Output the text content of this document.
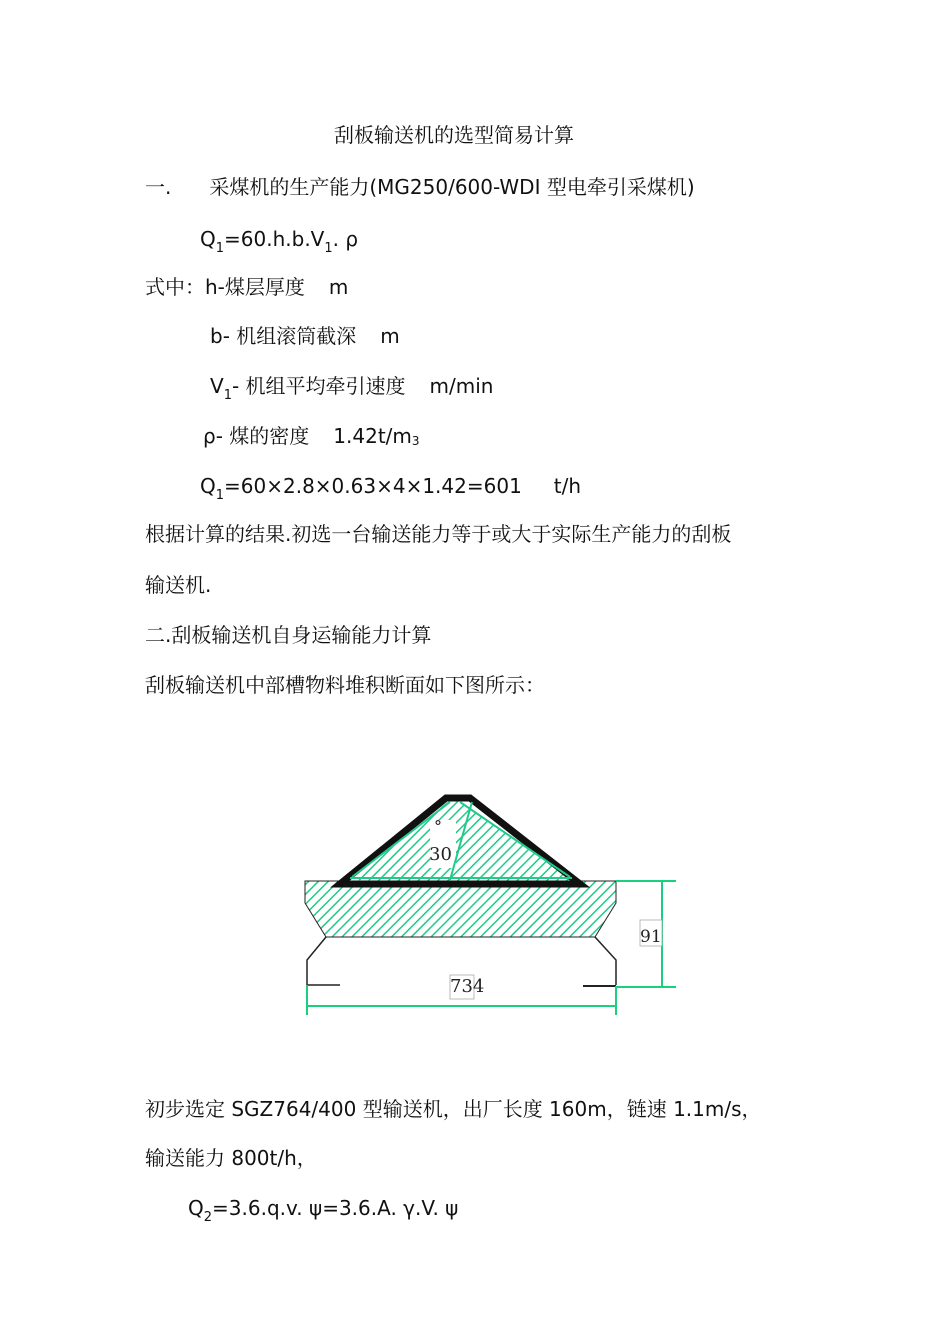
刮板输送机的选型简易计算
一. 采煤机的生产能力(MG250/600-WDI 型电牵引采煤机)
$Q_1=60.h.b.V_1$. ρ
式中：h-煤层厚度 m
b- 机组滚筒截深 m
$V_1-$ 机组平均牵引速度 m/min
ρ- 煤的密度 1.42t/m3
$Q_1=60\times 2.8\times 0.63\times 4\times 1.42=601$ t/h
根据计算的结果.初选一台输送能力等于或大于实际生产能力的刮板
输送机.
二.刮板输送机自身运输能力计算
刮板输送机中部槽物料堆积断面如下图所示：
°
30
91
734
初步选定 SGZ764/400 型输送机，出厂长度 160m，链速 1.1m/s，
输送能力 800t/h，
$Q_2=3.6.q.v$. ψ=3.6.A. γ.V. ψ
